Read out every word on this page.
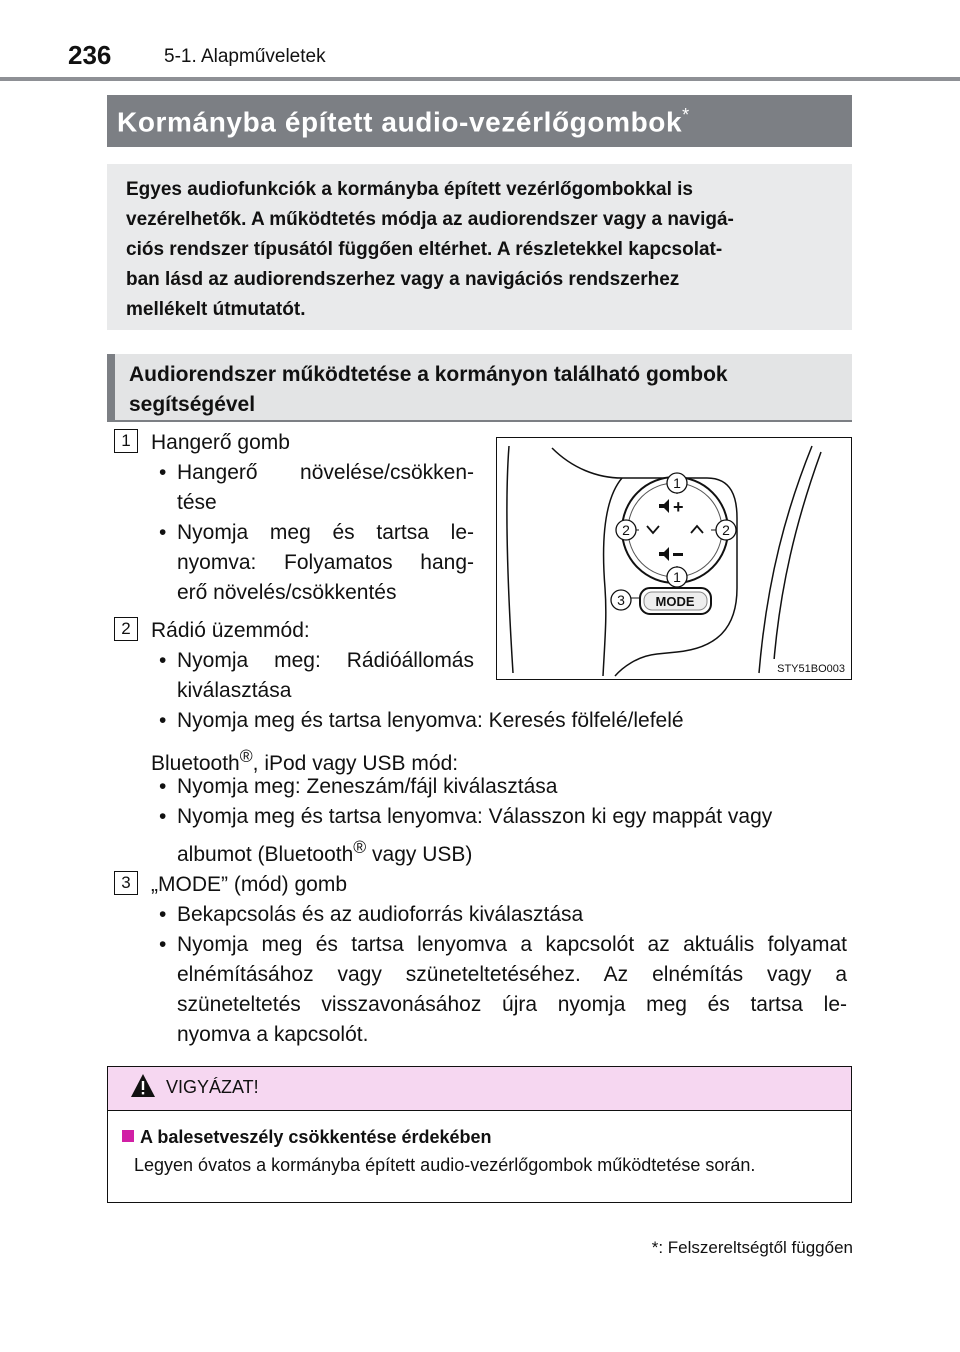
236	5-1. Alapműveletek
Kormányba épített audio-vezérlőgombok*

Egyes audiofunkciók a kormányba épített vezérlőgombokkal is

vezérelhetők. A működtetés módja az audiorendszer vagy a navigá-

ciós rendszer típusától függően eltérhet. A részletekkel kapcsolat-

ban lásd az audiorendszerhez vagy a navigációs rendszerhez

mellékelt útmutatót.

Audiorendszer működtetése a kormányon található gombok

segítségével

1 Hangerő gomb
• Hangerő növelése/csökken-
tése
• Nyomja meg és tartsa le-
nyomva: Folyamatos hang-
erő növelés/csökkentés
2 Rádió üzemmód:
• Nyomja meg: Rádióállomás
kiválasztása
• Nyomja meg és tartsa lenyomva: Keresés fölfelé/lefelé
Bluetooth®, iPod vagy USB mód:
• Nyomja meg: Zeneszám/fájl kiválasztása
• Nyomja meg és tartsa lenyomva: Válasszon ki egy mappát vagy
albumot (Bluetooth® vagy USB)
3 „MODE” (mód) gomb
• Bekapcsolás és az audioforrás kiválasztása
• Nyomja meg és tartsa lenyomva a kapcsolót az aktuális folyamat
elnémításához vagy szüneteltetéséhez. Az elnémítás vagy a
szüneteltetés visszavonásához újra nyomja meg és tartsa le-
nyomva a kapcsolót.
+
MODE
1
2	2
1
3
STY51BO003
VIGYÁZAT!
A balesetveszély csökkentése érdekében
Legyen óvatos a kormányba épített audio-vezérlőgombok működtetése során.
*: Felszereltségtől függően
